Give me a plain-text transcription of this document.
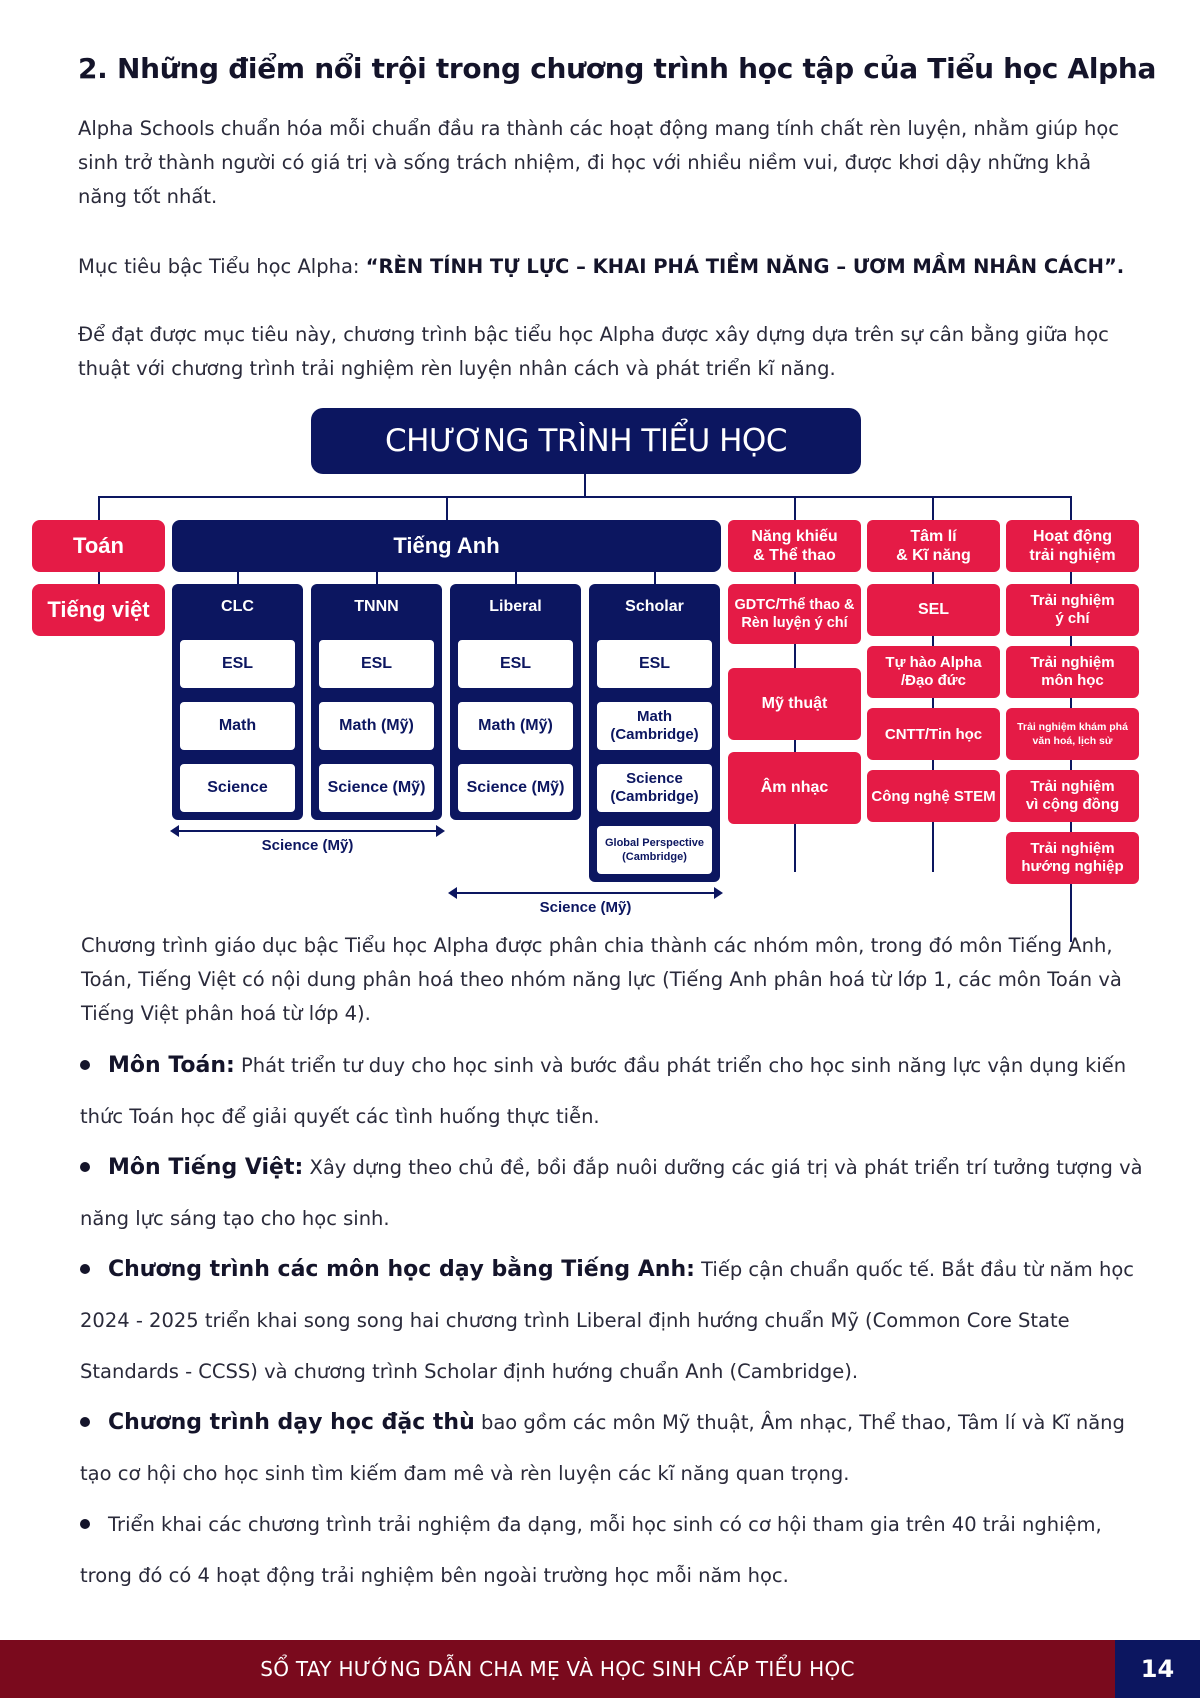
2. Những điểm nổi trội trong chương trình học tập của Tiểu học Alpha
Alpha Schools chuẩn hóa mỗi chuẩn đầu ra thành các hoạt động mang tính chất rèn luyện, nhằm giúp học sinh trở thành người có giá trị và sống trách nhiệm, đi học với nhiều niềm vui, được khơi dậy những khả năng tốt nhất.
Mục tiêu bậc Tiểu học Alpha: “RÈN TÍNH TỰ LỰC – KHAI PHÁ TIỀM NĂNG – ƯƠM MẦM NHÂN CÁCH”.
Để đạt được mục tiêu này, chương trình bậc tiểu học Alpha được xây dựng dựa trên sự cân bằng giữa học thuật với chương trình trải nghiệm rèn luyện nhân cách và phát triển kĩ năng.
CHƯƠNG TRÌNH TIỂU HỌC
Toán
Tiếng việt
Tiếng Anh
CLC	TNNN	Liberal	Scholar
ESL
Math
Science
ESL
Math (Mỹ)
Science (Mỹ)
ESL
Math (Mỹ)
Science (Mỹ)
ESL
Math
(Cambridge)
Science
(Cambridge)
Global Perspective
(Cambridge)
Science (Mỹ)
Science (Mỹ)
Năng khiếu
& Thể thao
GDTC/Thể thao &
Rèn luyện ý chí
Mỹ thuật
Âm nhạc
Tâm lí
& Kĩ năng
SEL
Tự hào Alpha
/Đạo đức
CNTT/Tin học
Công nghệ STEM
Hoạt động
trải nghiệm
Trải nghiệm
ý chí
Trải nghiệm
môn học
Trải nghiệm khám phá
văn hoá, lịch sử
Trải nghiệm
vì cộng đồng
Trải nghiệm
hướng nghiệp
Chương trình giáo dục bậc Tiểu học Alpha được phân chia thành các nhóm môn, trong đó môn Tiếng Anh, Toán, Tiếng Việt có nội dung phân hoá theo nhóm năng lực (Tiếng Anh phân hoá từ lớp 1, các môn Toán và Tiếng Việt phân hoá từ lớp 4).
Môn Toán: Phát triển tư duy cho học sinh và bước đầu phát triển cho học sinh năng lực vận dụng kiến thức Toán học để giải quyết các tình huống thực tiễn.
Môn Tiếng Việt: Xây dựng theo chủ đề, bồi đắp nuôi dưỡng các giá trị và phát triển trí tưởng tượng và năng lực sáng tạo cho học sinh.
Chương trình các môn học dạy bằng Tiếng Anh: Tiếp cận chuẩn quốc tế. Bắt đầu từ năm học 2024 - 2025 triển khai song song hai chương trình Liberal định hướng chuẩn Mỹ (Common Core State Standards - CCSS) và chương trình Scholar định hướng chuẩn Anh (Cambridge).
Chương trình dạy học đặc thù bao gồm các môn Mỹ thuật, Âm nhạc, Thể thao, Tâm lí và Kĩ năng tạo cơ hội cho học sinh tìm kiếm đam mê và rèn luyện các kĩ năng quan trọng.
Triển khai các chương trình trải nghiệm đa dạng, mỗi học sinh có cơ hội tham gia trên 40 trải nghiệm, trong đó có 4 hoạt động trải nghiệm bên ngoài trường học mỗi năm học.
SỔ TAY HƯỚNG DẪN CHA MẸ VÀ HỌC SINH CẤP TIỂU HỌC	14
